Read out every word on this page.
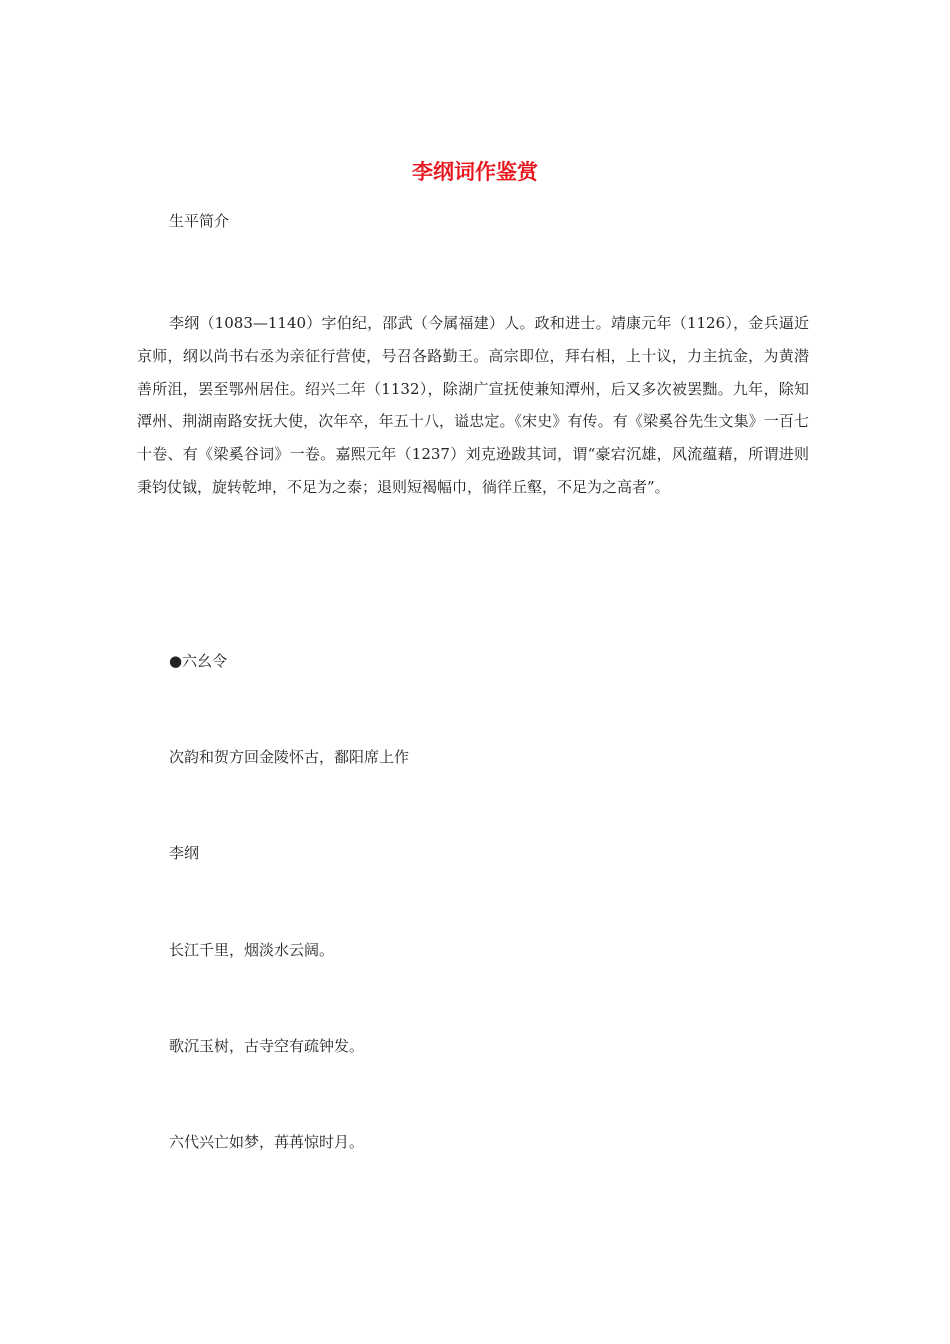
李纲词作鉴赏

生平简介

李纲（1083—1140）字伯纪，邵武（今属福建）人。政和进士。靖康元年（1126），金兵逼近京师，纲以尚书右丞为亲征行营使，号召各路勤王。高宗即位，拜右相，上十议，力主抗金，为黄潜善所沮，罢至鄂州居住。绍兴二年（1132），除湖广宣抚使兼知潭州，后又多次被罢黜。九年，除知潭州、荆湖南路安抚大使，次年卒，年五十八，谥忠定。《宋史》有传。有《梁奚谷先生文集》一百七十卷、有《梁奚谷词》一卷。嘉熙元年（1237）刘克逊跋其词，谓“豪宕沉雄，风流蕴藉，所谓进则秉钧仗钺，旋转乾坤，不足为之泰；退则短褐幅巾，徜徉丘壑，不足为之高者”。

●六幺令

次韵和贺方回金陵怀古，鄱阳席上作

李纲

长江千里，烟淡水云阔。

歌沉玉树，古寺空有疏钟发。

六代兴亡如梦，苒苒惊时月。
